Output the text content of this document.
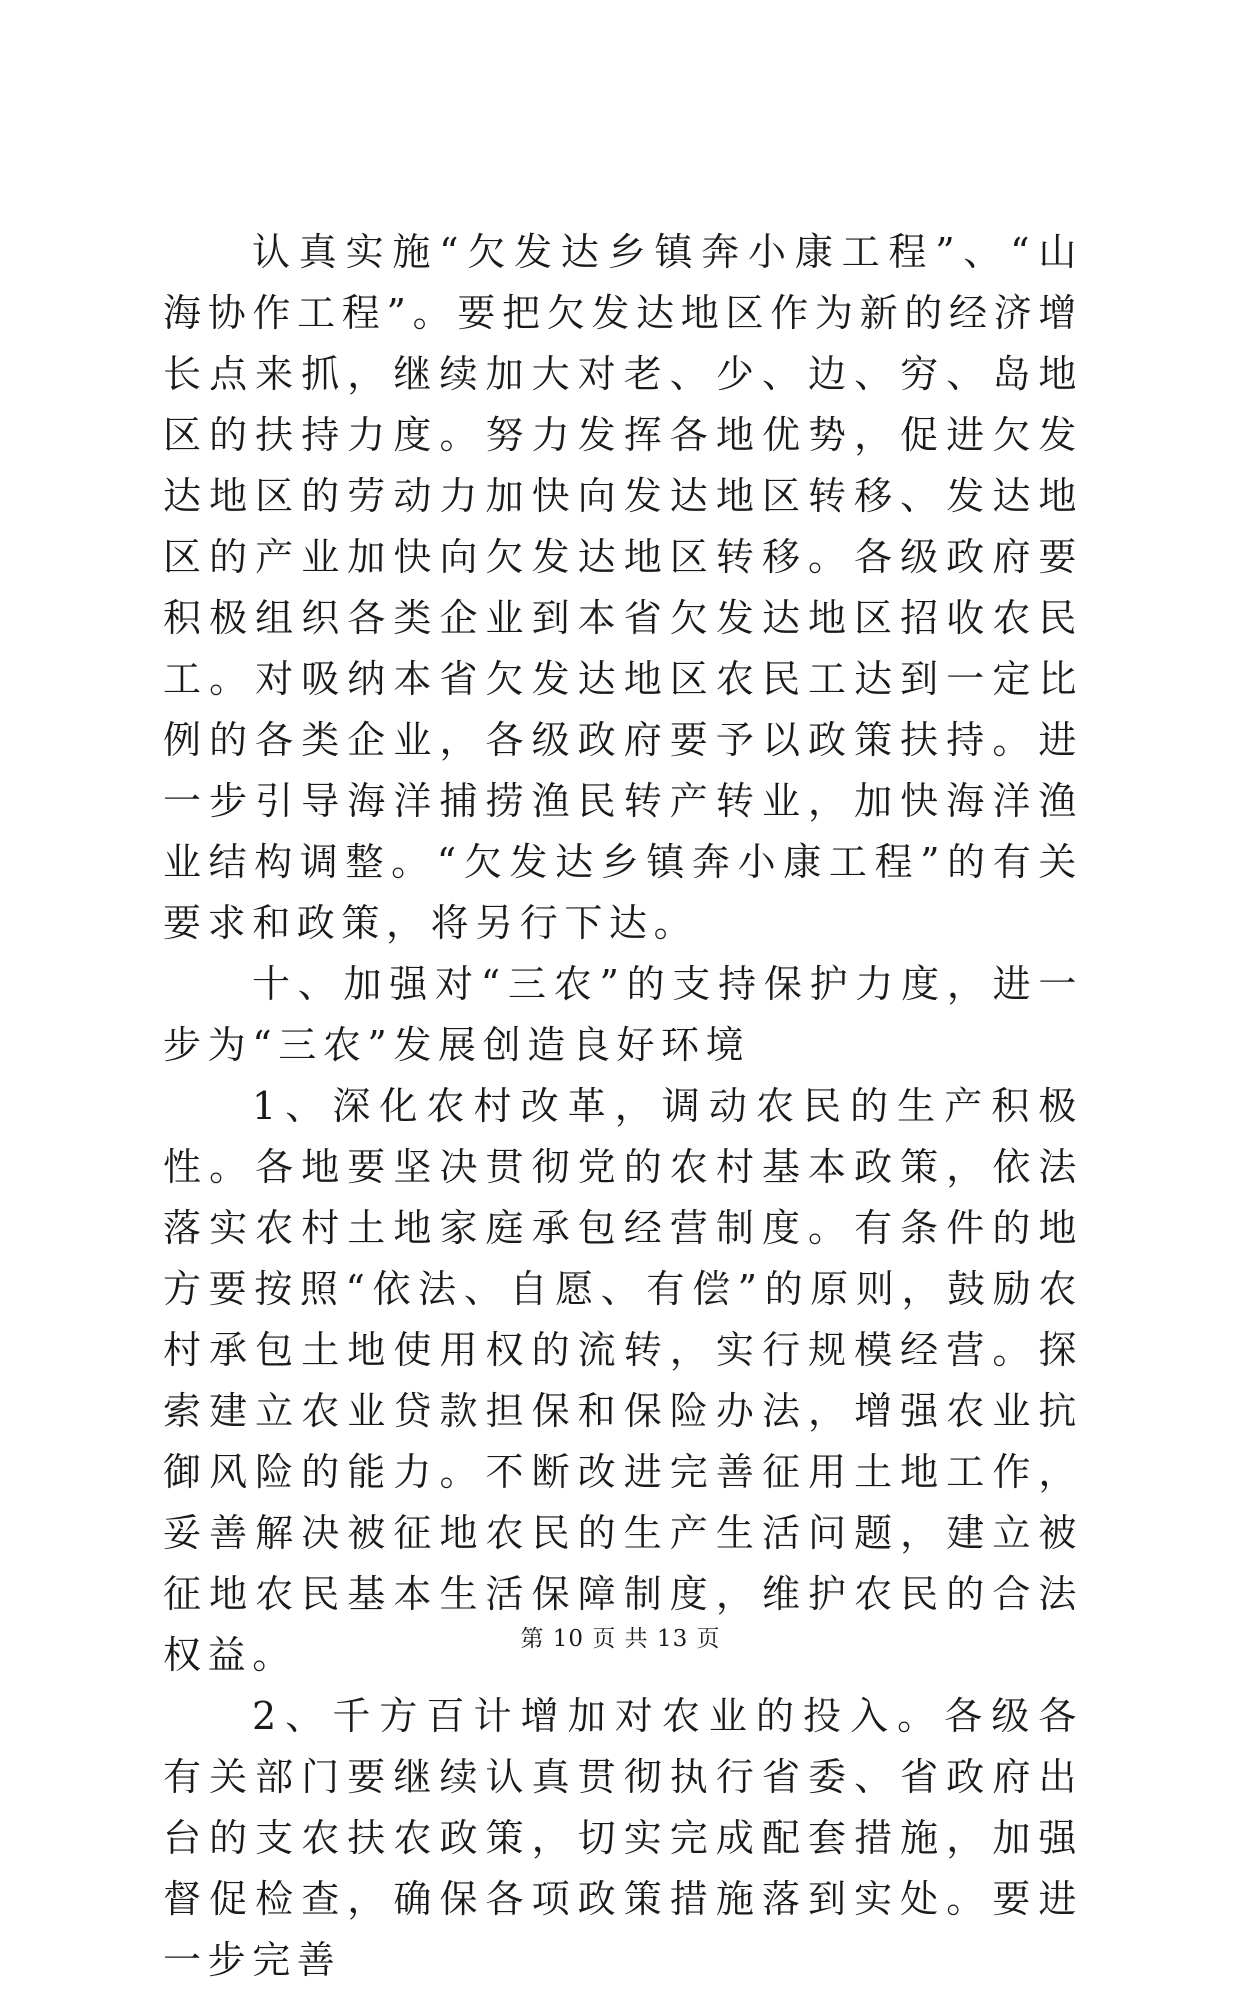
认真实施“欠发达乡镇奔小康工程”、“山海协作工程”。要把欠发达地区作为新的经济增长点来抓，继续加大对老、少、边、穷、岛地区的扶持力度。努力发挥各地优势，促进欠发达地区的劳动力加快向发达地区转移、发达地区的产业加快向欠发达地区转移。各级政府要积极组织各类企业到本省欠发达地区招收农民工。对吸纳本省欠发达地区农民工达到一定比例的各类企业，各级政府要予以政策扶持。进一步引导海洋捕捞渔民转产转业，加快海洋渔业结构调整。“欠发达乡镇奔小康工程”的有关要求和政策，将另行下达。

十、加强对“三农”的支持保护力度，进一步为“三农”发展创造良好环境

1、深化农村改革，调动农民的生产积极性。各地要坚决贯彻党的农村基本政策，依法落实农村土地家庭承包经营制度。有条件的地方要按照“依法、自愿、有偿”的原则，鼓励农村承包土地使用权的流转，实行规模经营。探索建立农业贷款担保和保险办法，增强农业抗御风险的能力。不断改进完善征用土地工作，妥善解决被征地农民的生产生活问题，建立被征地农民基本生活保障制度，维护农民的合法权益。

2、千方百计增加对农业的投入。各级各有关部门要继续认真贯彻执行省委、省政府出台的支农扶农政策，切实完成配套措施，加强督促检查，确保各项政策措施落到实处。要进一步完善

第 10 页 共 13 页
